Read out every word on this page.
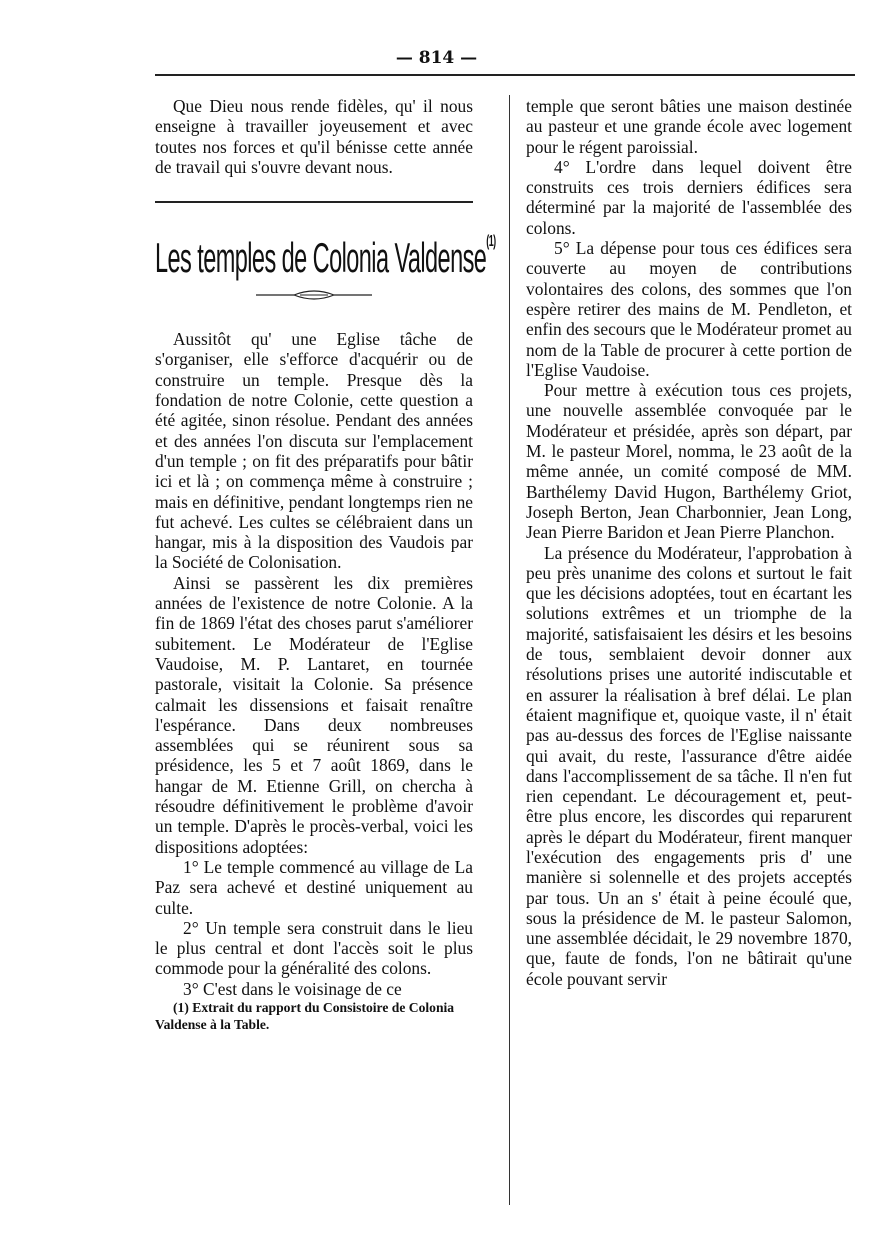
— 814 —

Que Dieu nous rende fidèles, qu' il nous enseigne à travailler joyeusement et avec toutes nos forces et qu'il bénisse cette année de travail qui s'ouvre devant nous.

Les temples de Colonia Valdense$^{(1)}$

Aussitôt qu' une Eglise tâche de s'organiser, elle s'efforce d'acquérir ou de construire un temple. Presque dès la fondation de notre Colonie, cette question a été agitée, sinon résolue. Pendant des années et des années l'on discuta sur l'emplacement d'un temple ; on fit des préparatifs pour bâtir ici et là ; on commença même à construire ; mais en définitive, pendant longtemps rien ne fut achevé. Les cultes se célébraient dans un hangar, mis à la disposition des Vaudois par la Société de Colonisation.

Ainsi se passèrent les dix premières années de l'existence de notre Colonie. A la fin de 1869 l'état des choses parut s'améliorer subitement. Le Modérateur de l'Eglise Vaudoise, M. P. Lantaret, en tournée pastorale, visitait la Colonie. Sa présence calmait les dissensions et faisait renaître l'espérance. Dans deux nombreuses assemblées qui se réunirent sous sa présidence, les 5 et 7 août 1869, dans le hangar de M. Etienne Grill, on chercha à résoudre définitivement le problème d'avoir un temple. D'après le procès-verbal, voici les dispositions adoptées:

1° Le temple commencé au village de La Paz sera achevé et destiné uniquement au culte.

2° Un temple sera construit dans le lieu le plus central et dont l'accès soit le plus commode pour la généralité des colons.

3° C'est dans le voisinage de ce

(1) Extrait du rapport du Consistoire de Colonia Valdense à la Table.

temple que seront bâties une maison destinée au pasteur et une grande école avec logement pour le régent paroissial.

4° L'ordre dans lequel doivent être construits ces trois derniers édifices sera déterminé par la majorité de l'assemblée des colons.

5° La dépense pour tous ces édifices sera couverte au moyen de contributions volontaires des colons, des sommes que l'on espère retirer des mains de M. Pendleton, et enfin des secours que le Modérateur promet au nom de la Table de procurer à cette portion de l'Eglise Vaudoise.

Pour mettre à exécution tous ces projets, une nouvelle assemblée convoquée par le Modérateur et présidée, après son départ, par M. le pasteur Morel, nomma, le 23 août de la même année, un comité composé de MM. Barthélemy David Hugon, Barthélemy Griot, Joseph Berton, Jean Charbonnier, Jean Long, Jean Pierre Baridon et Jean Pierre Planchon.

La présence du Modérateur, l'approbation à peu près unanime des colons et surtout le fait que les décisions adoptées, tout en écartant les solutions extrêmes et un triomphe de la majorité, satisfaisaient les désirs et les besoins de tous, semblaient devoir donner aux résolutions prises une autorité indiscutable et en assurer la réalisation à bref délai. Le plan étaient magnifique et, quoique vaste, il n' était pas au-dessus des forces de l'Eglise naissante qui avait, du reste, l'assurance d'être aidée dans l'accomplissement de sa tâche. Il n'en fut rien cependant. Le découragement et, peut-être plus encore, les discordes qui reparurent après le départ du Modérateur, firent manquer l'exécution des engagements pris d' une manière si solennelle et des projets acceptés par tous. Un an s' était à peine écoulé que, sous la présidence de M. le pasteur Salomon, une assemblée décidait, le 29 novembre 1870, que, faute de fonds, l'on ne bâtirait qu'une école pouvant servir
